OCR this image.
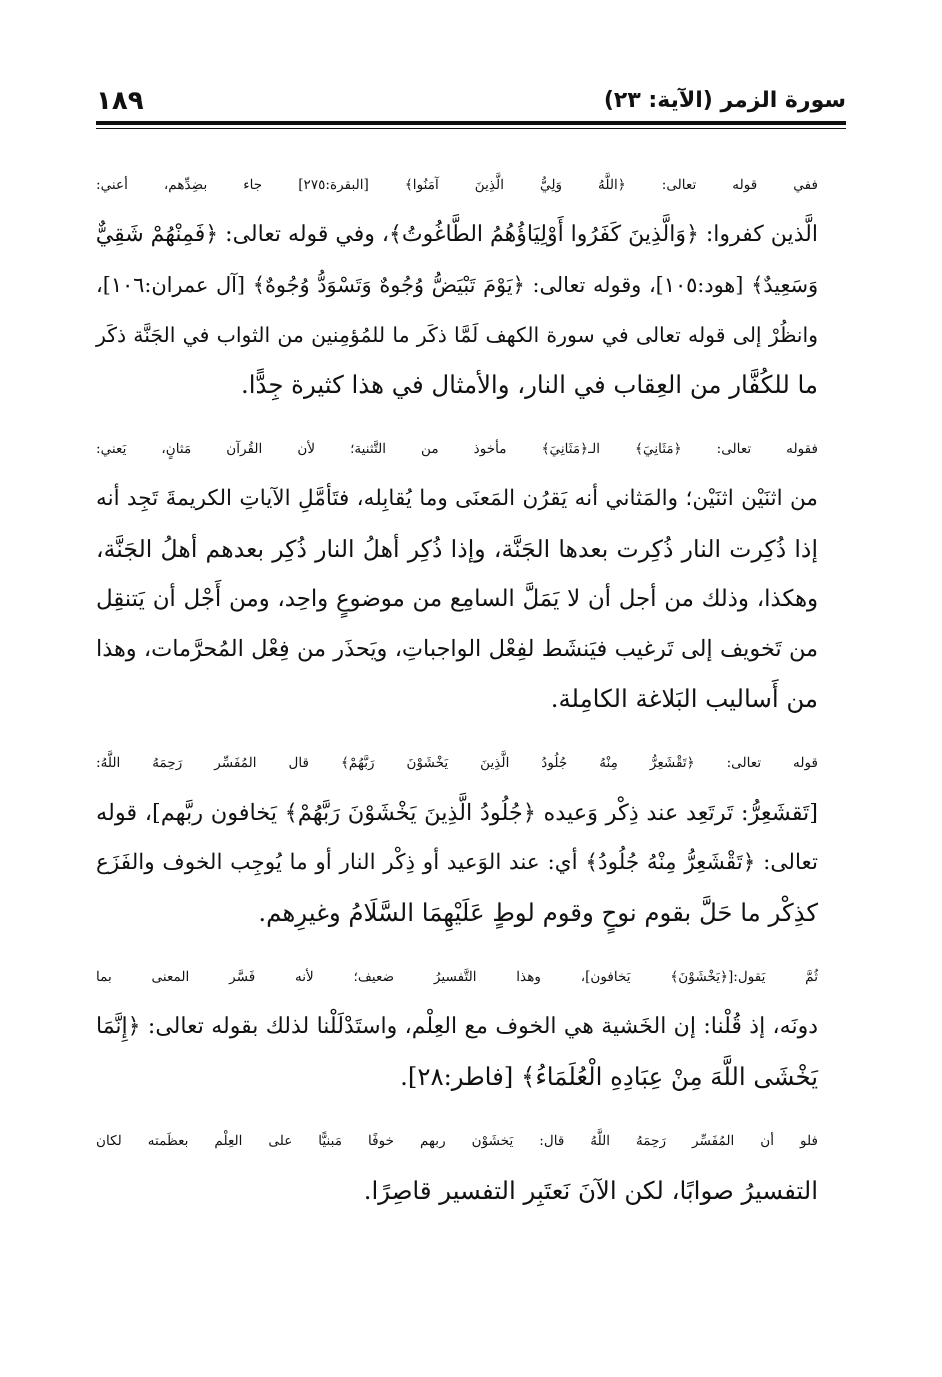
سورة الزمر (الآية: ٢٣)
١٨٩

ففي قوله تعالى: ﴿اللَّهُ وَلِيُّ الَّذِينَ آمَنُوا﴾ [البقرة:٢٧٥] جاء بضِدِّهم، أعني:
الَّذين كفروا: ﴿وَالَّذِينَ كَفَرُوا أَوْلِيَاؤُهُمُ الطَّاغُوتُ﴾، وفي قوله تعالى: ﴿فَمِنْهُمْ شَقِيٌّ
وَسَعِيدٌ﴾ [هود:١٠٥]، وقوله تعالى: ﴿يَوْمَ تَبْيَضُّ وُجُوهٌ وَتَسْوَدُّ وُجُوهٌ﴾ [آل عمران:١٠٦]،
وانظُرْ إلى قوله تعالى في سورة الكهف لَمَّا ذكَر ما للمُؤمِنين من الثواب في الجَنَّة ذكَر
ما للكُفَّار من العِقاب في النار، والأمثال في هذا كثيرة جِدًّا.

فقوله تعالى: ﴿مَثَانِيَ﴾ الـ﴿مَثَانِيَ﴾ مأخوذ من التَّثنية؛ لأن القُرآن مَثانٍ، يَعني:
من اثنَيْن اثنَيْن؛ والمَثاني أنه يَقرُن المَعنَى وما يُقابِله، فتَأمَّلِ الآياتِ الكريمةَ تَجِد أنه
إذا ذُكِرت النار ذُكِرت بعدها الجَنَّة، وإذا ذُكِر أهلُ النار ذُكِر بعدهم أهلُ الجَنَّة،
وهكذا، وذلك من أجل أن لا يَمَلَّ السامِع من موضوعٍ واحِد، ومن أَجْل أن يَتنقِل
من تَخويف إلى تَرغيب فيَنشَط لفِعْل الواجباتِ، ويَحذَر من فِعْل المُحرَّمات، وهذا
من أَساليب البَلاغة الكامِلة.

قوله تعالى: ﴿تَقْشَعِرُّ مِنْهُ جُلُودُ الَّذِينَ يَخْشَوْنَ رَبَّهُمْ﴾ قال المُفَسِّر رَحِمَهُ اللَّهُ:
[تَقشَعِرُّ: تَرتَعِد عند ذِكْر وَعيده ﴿جُلُودُ الَّذِينَ يَخْشَوْنَ رَبَّهُمْ﴾ يَخافون ربَّهم]، قوله
تعالى: ﴿تَقْشَعِرُّ مِنْهُ جُلُودُ﴾ أي: عند الوَعيد أو ذِكْر النار أو ما يُوجِب الخوف والفَزَع
كذِكْر ما حَلَّ بقوم نوحٍ وقوم لوطٍ عَلَيْهِمَا السَّلَامُ وغيرِهم.

ثُمَّ يَقول:[﴿يَخْشَوْنَ﴾ يَخافون]، وهذا التَّفسيرُ ضعيف؛ لأنه فَسَّر المعنى بما
دونَه، إذ قُلْنا: إن الخَشية هي الخوف مع العِلْم، واستَدْلَلْنا لذلك بقوله تعالى: ﴿إِنَّمَا
يَخْشَى اللَّهَ مِنْ عِبَادِهِ الْعُلَمَاءُ﴾ [فاطر:٢٨].

فلو أن المُفَسِّر رَحِمَهُ اللَّهُ قال: يَخشَوْن ربهم خوفًا مَبنيًّا على العِلْم بعظَمته لكان
التفسيرُ صوابًا، لكن الآنَ نَعتَبِر التفسير قاصِرًا.
